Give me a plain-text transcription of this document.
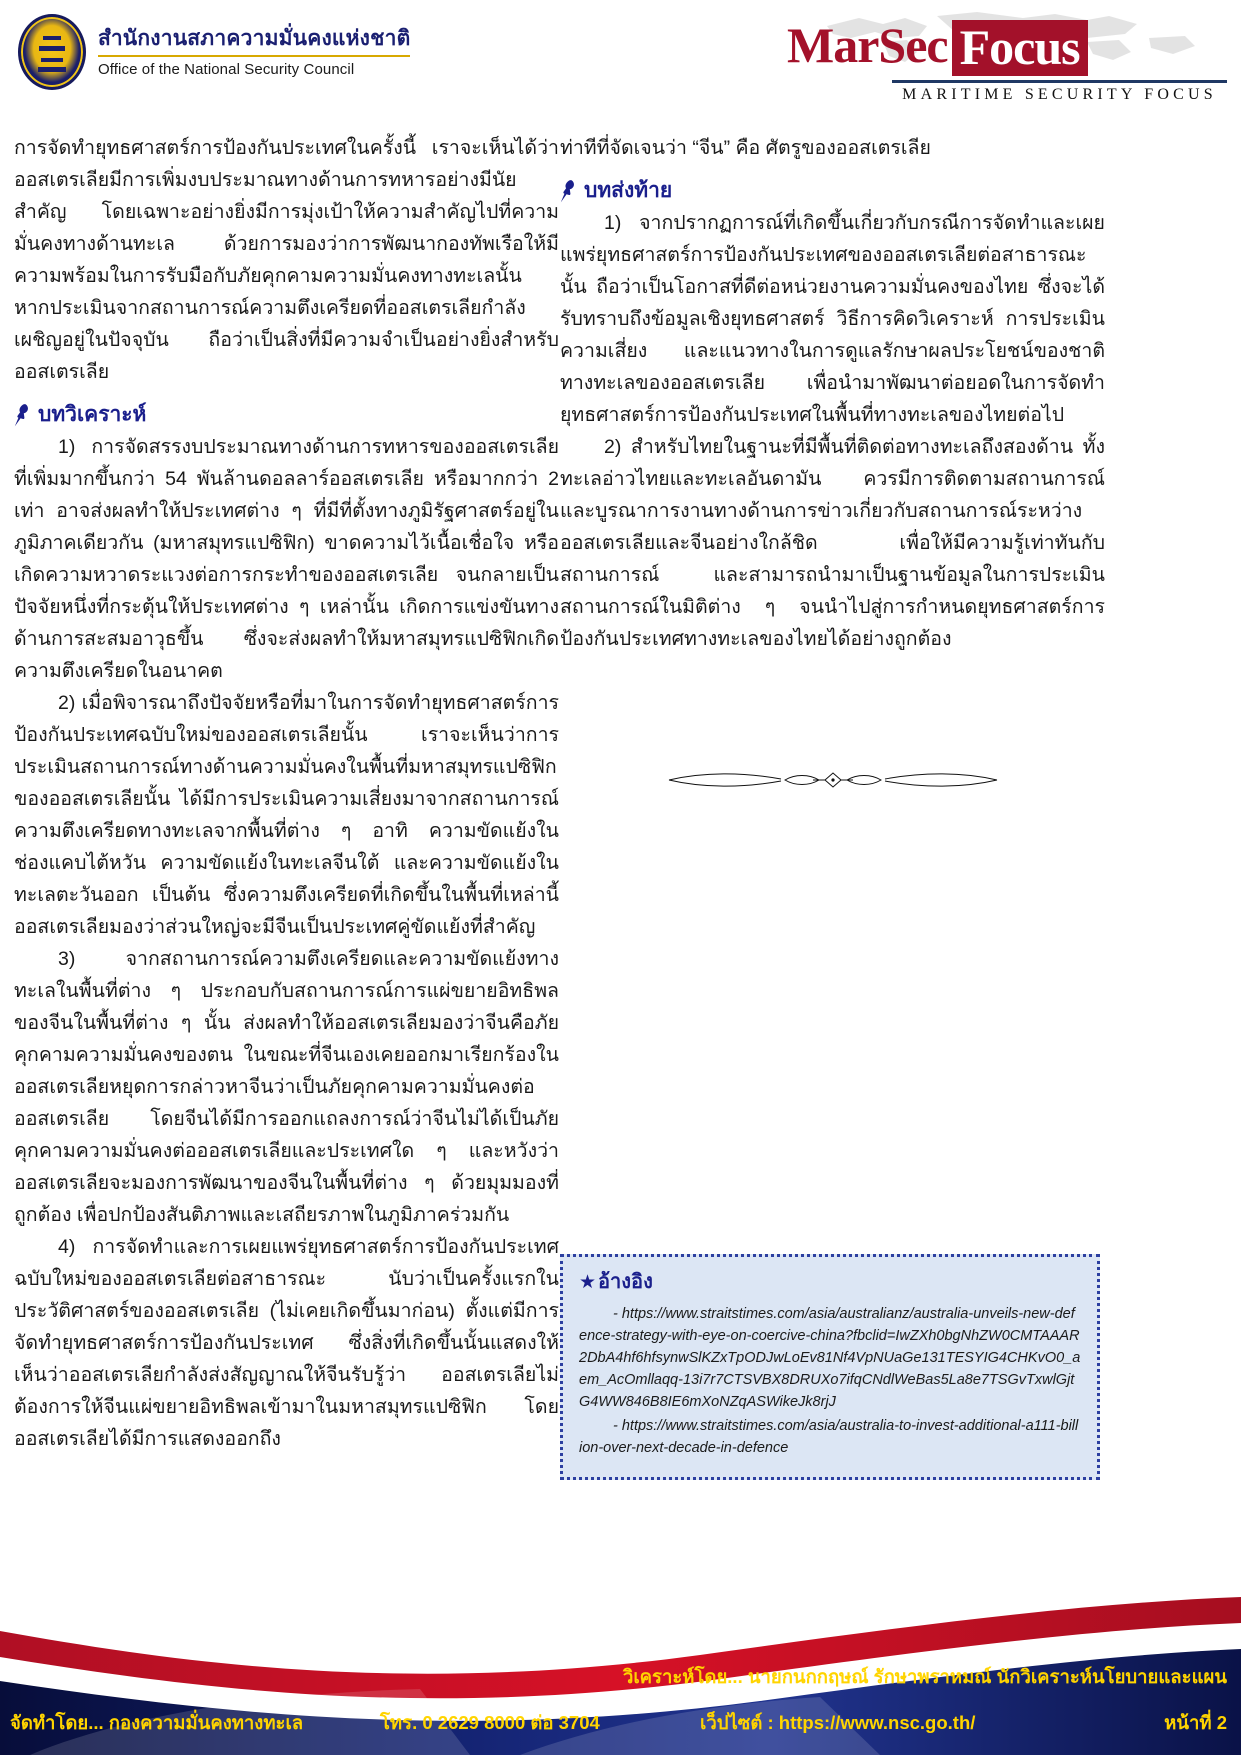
สำนักงานสภาความมั่นคงแห่งชาติ
Office of the National Security Council	MarSec Focus
MARITIME SECURITY FOCUS

การจัดทำยุทธศาสตร์การป้องกันประเทศในครั้งนี้ เราจะเห็นได้ว่าออสเตรเลียมีการเพิ่มงบประมาณทางด้านการทหารอย่างมีนัยสำคัญ โดยเฉพาะอย่างยิ่งมีการมุ่งเป้าให้ความสำคัญไปที่ความมั่นคงทางด้านทะเล ด้วยการมองว่าการพัฒนากองทัพเรือให้มีความพร้อมในการรับมือกับภัยคุกคามความมั่นคงทางทะเลนั้น หากประเมินจากสถานการณ์ความตึงเครียดที่ออสเตรเลียกำลังเผชิญอยู่ในปัจจุบัน ถือว่าเป็นสิ่งที่มีความจำเป็นอย่างยิ่งสำหรับออสเตรเลีย

บทวิเคราะห์

1) การจัดสรรงบประมาณทางด้านการทหารของออสเตรเลียที่เพิ่มมากขึ้นกว่า 54 พันล้านดอลลาร์ออสเตรเลีย หรือมากกว่า 2 เท่า อาจส่งผลทำให้ประเทศต่าง ๆ ที่มีที่ตั้งทางภูมิรัฐศาสตร์อยู่ในภูมิภาคเดียวกัน (มหาสมุทรแปซิฟิก) ขาดความไว้เนื้อเชื่อใจ หรือเกิดความหวาดระแวงต่อการกระทำของออสเตรเลีย จนกลายเป็นปัจจัยหนึ่งที่กระตุ้นให้ประเทศต่าง ๆ เหล่านั้น เกิดการแข่งขันทางด้านการสะสมอาวุธขึ้น ซึ่งจะส่งผลทำให้มหาสมุทรแปซิฟิกเกิดความตึงเครียดในอนาคต

2) เมื่อพิจารณาถึงปัจจัยหรือที่มาในการจัดทำยุทธศาสตร์การป้องกันประเทศฉบับใหม่ของออสเตรเลียนั้น เราจะเห็นว่าการประเมินสถานการณ์ทางด้านความมั่นคงในพื้นที่มหาสมุทรแปซิฟิกของออสเตรเลียนั้น ได้มีการประเมินความเสี่ยงมาจากสถานการณ์ความตึงเครียดทางทะเลจากพื้นที่ต่าง ๆ อาทิ ความขัดแย้งในช่องแคบไต้หวัน ความขัดแย้งในทะเลจีนใต้ และความขัดแย้งในทะเลตะวันออก เป็นต้น ซึ่งความตึงเครียดที่เกิดขึ้นในพื้นที่เหล่านี้ออสเตรเลียมองว่าส่วนใหญ่จะมีจีนเป็นประเทศคู่ขัดแย้งที่สำคัญ

3) จากสถานการณ์ความตึงเครียดและความขัดแย้งทางทะเลในพื้นที่ต่าง ๆ ประกอบกับสถานการณ์การแผ่ขยายอิทธิพลของจีนในพื้นที่ต่าง ๆ นั้น ส่งผลทำให้ออสเตรเลียมองว่าจีนคือภัยคุกคามความมั่นคงของตน ในขณะที่จีนเองเคยออกมาเรียกร้องในออสเตรเลียหยุดการกล่าวหาจีนว่าเป็นภัยคุกคามความมั่นคงต่อออสเตรเลีย โดยจีนได้มีการออกแถลงการณ์ว่าจีนไม่ได้เป็นภัยคุกคามความมั่นคงต่อออสเตรเลียและประเทศใด ๆ และหวังว่าออสเตรเลียจะมองการพัฒนาของจีนในพื้นที่ต่าง ๆ ด้วยมุมมองที่ถูกต้อง เพื่อปกป้องสันติภาพและเสถียรภาพในภูมิภาคร่วมกัน

4) การจัดทำและการเผยแพร่ยุทธศาสตร์การป้องกันประเทศฉบับใหม่ของออสเตรเลียต่อสาธารณะ นับว่าเป็นครั้งแรกในประวัติศาสตร์ของออสเตรเลีย (ไม่เคยเกิดขึ้นมาก่อน) ตั้งแต่มีการจัดทำยุทธศาสตร์การป้องกันประเทศ ซึ่งสิ่งที่เกิดขึ้นนั้นแสดงให้เห็นว่าออสเตรเลียกำลังส่งสัญญาณให้จีนรับรู้ว่า ออสเตรเลียไม่ต้องการให้จีนแผ่ขยายอิทธิพลเข้ามาในมหาสมุทรแปซิฟิก โดยออสเตรเลียได้มีการแสดงออกถึง

ท่าทีที่จัดเจนว่า “จีน” คือ ศัตรูของออสเตรเลีย

บทส่งท้าย

1) จากปรากฏการณ์ที่เกิดขึ้นเกี่ยวกับกรณีการจัดทำและเผยแพร่ยุทธศาสตร์การป้องกันประเทศของออสเตรเลียต่อสาธารณะนั้น ถือว่าเป็นโอกาสที่ดีต่อหน่วยงานความมั่นคงของไทย ซึ่งจะได้รับทราบถึงข้อมูลเชิงยุทธศาสตร์ วิธีการคิดวิเคราะห์ การประเมินความเสี่ยง และแนวทางในการดูแลรักษาผลประโยชน์ของชาติทางทะเลของออสเตรเลีย เพื่อนำมาพัฒนาต่อยอดในการจัดทำยุทธศาสตร์การป้องกันประเทศในพื้นที่ทางทะเลของไทยต่อไป

2) สำหรับไทยในฐานะที่มีพื้นที่ติดต่อทางทะเลถึงสองด้าน ทั้งทะเลอ่าวไทยและทะเลอันดามัน ควรมีการติดตามสถานการณ์ และบูรณาการงานทางด้านการข่าวเกี่ยวกับสถานการณ์ระหว่างออสเตรเลียและจีนอย่างใกล้ชิด เพื่อให้มีความรู้เท่าทันกับสถานการณ์ และสามารถนำมาเป็นฐานข้อมูลในการประเมินสถานการณ์ในมิติต่าง ๆ จนนำไปสู่การกำหนดยุทธศาสตร์การป้องกันประเทศทางทะเลของไทยได้อย่างถูกต้อง

★ อ้างอิง

- https://www.straitstimes.com/asia/australianz/australia-unveils-new-defence-strategy-with-eye-on-coercive-china?fbclid=IwZXh0bgNhZW0CMTAAAR2DbA4hf6hfsynwSlKZxTpODJwLoEv81Nf4VpNUaGe131TESYIG4CHKvO0_aem_AcOmllaqq-13i7r7CTSVBX8DRUXo7ifqCNdlWeBas5La8e7TSGvTxwlGjtG4WW846B8IE6mXoNZqASWikeJk8rjJ

- https://www.straitstimes.com/asia/australia-to-invest-additional-a111-billion-over-next-decade-in-defence

วิเคราะห์โดย... นายกนกกฤษณ์ รักษาพราหมณ์ นักวิเคราะห์นโยบายและแผน
จัดทำโดย... กองความมั่นคงทางทะเล	โทร. 0 2629 8000 ต่อ 3704	เว็ปไซต์ : https://www.nsc.go.th/	หน้าที่ 2
